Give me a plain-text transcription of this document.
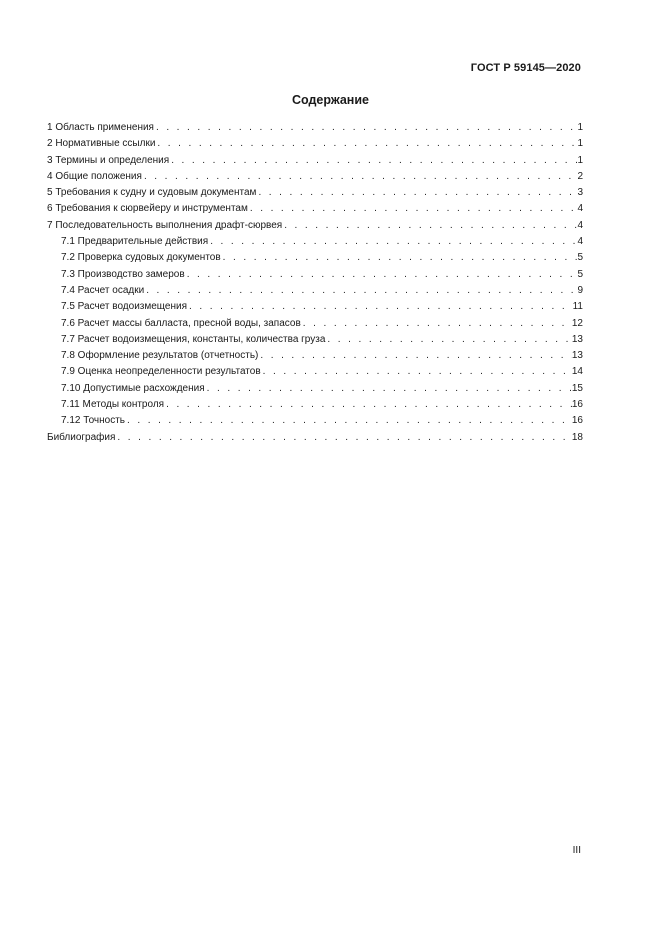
ГОСТ Р 59145—2020
Содержание
1 Область применения . . .	1
2 Нормативные ссылки . . .	1
3 Термины и определения . . .	1
4 Общие положения . . .	2
5 Требования к судну и судовым документам . . .	3
6 Требования к сюрвейеру и инструментам . . .	4
7 Последовательность выполнения драфт-сюрвея . . .	4
7.1 Предварительные действия . . .	4
7.2 Проверка судовых документов . . .	5
7.3 Производство замеров . . .	5
7.4 Расчет осадки . . .	9
7.5 Расчет водоизмещения . . .	11
7.6 Расчет массы балласта, пресной воды, запасов . . .	12
7.7 Расчет водоизмещения, константы, количества груза . . .	13
7.8 Оформление результатов (отчетность) . . .	13
7.9 Оценка неопределенности результатов . . .	14
7.10 Допустимые расхождения . . .	15
7.11 Методы контроля . . .	16
7.12 Точность . . .	16
Библиография . . .	18
III
